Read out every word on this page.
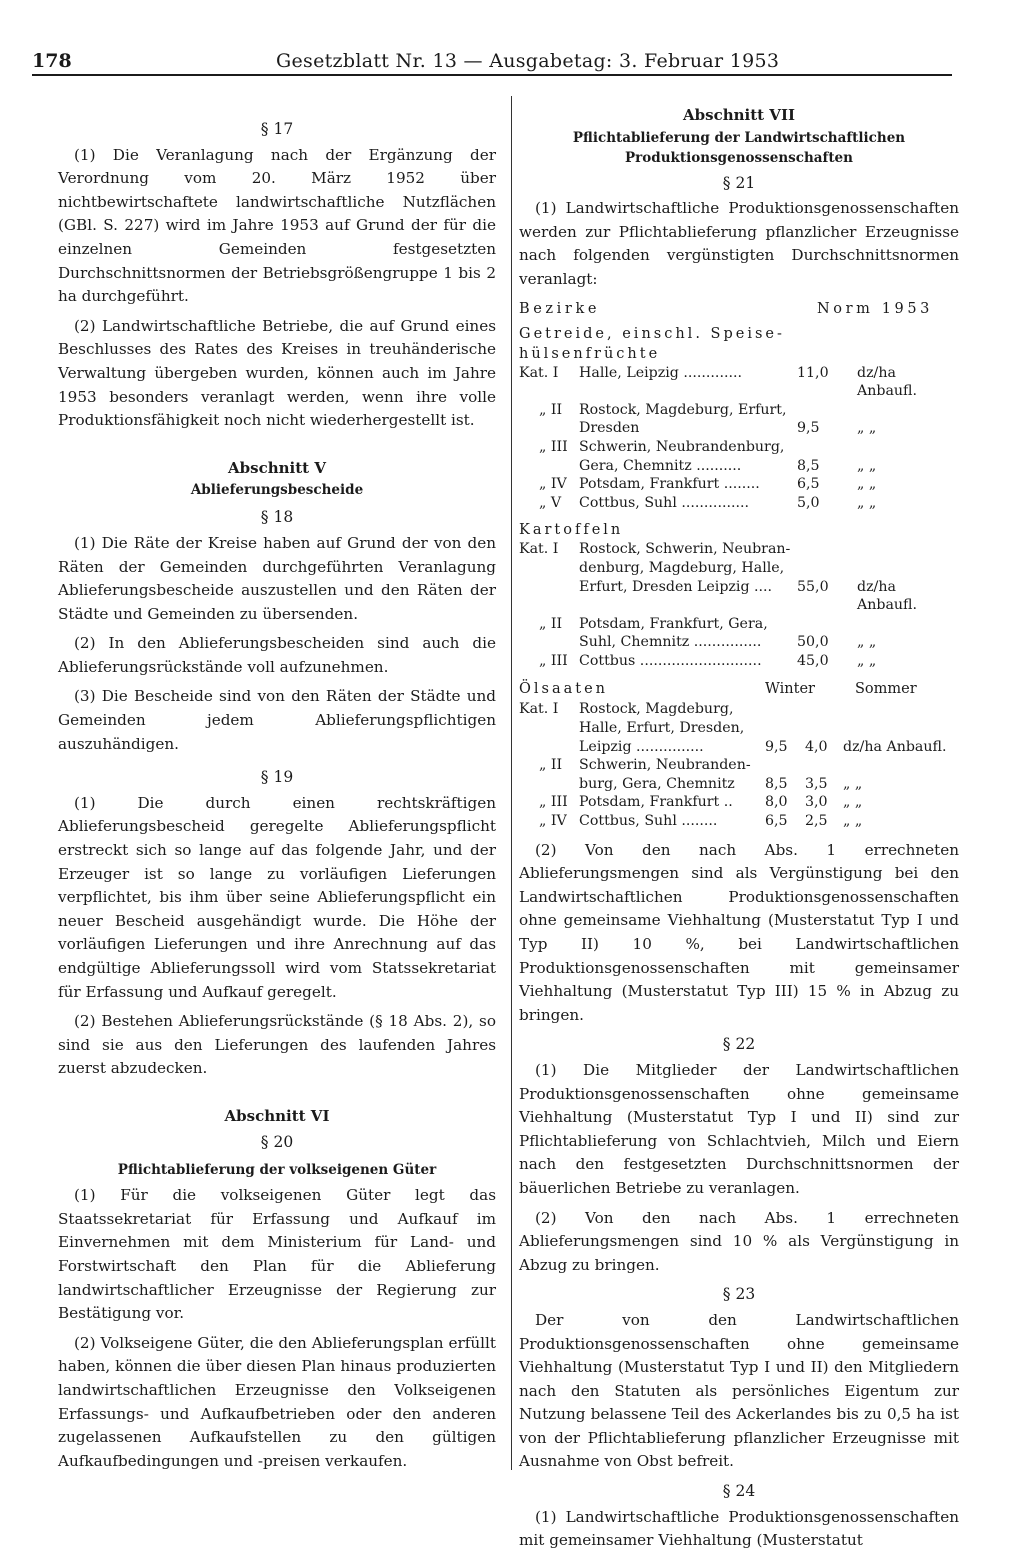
178	Gesetzblatt Nr. 13 — Ausgabetag: 3. Februar 1953
§ 17

(1) Die Veranlagung nach der Ergänzung der Verordnung vom 20. März 1952 über nichtbewirtschaftete landwirtschaftliche Nutzflächen (GBl. S. 227) wird im Jahre 1953 auf Grund der für die einzelnen Gemeinden festgesetzten Durchschnittsnormen der Betriebsgrößengruppe 1 bis 2 ha durchgeführt.

(2) Landwirtschaftliche Betriebe, die auf Grund eines Beschlusses des Rates des Kreises in treuhänderische Verwaltung übergeben wurden, können auch im Jahre 1953 besonders veranlagt werden, wenn ihre volle Produktionsfähigkeit noch nicht wiederhergestellt ist.

Abschnitt V
Ablieferungsbescheide
§ 18

(1) Die Räte der Kreise haben auf Grund der von den Räten der Gemeinden durchgeführten Veranlagung Ablieferungsbescheide auszustellen und den Räten der Städte und Gemeinden zu übersenden.

(2) In den Ablieferungsbescheiden sind auch die Ablieferungsrückstände voll aufzunehmen.

(3) Die Bescheide sind von den Räten der Städte und Gemeinden jedem Ablieferungspflichtigen auszuhändigen.

§ 19

(1) Die durch einen rechtskräftigen Ablieferungsbescheid geregelte Ablieferungspflicht erstreckt sich so lange auf das folgende Jahr, und der Erzeuger ist so lange zu vorläufigen Lieferungen verpflichtet, bis ihm über seine Ablieferungspflicht ein neuer Bescheid ausgehändigt wurde. Die Höhe der vorläufigen Lieferungen und ihre Anrechnung auf das endgültige Ablieferungssoll wird vom Statssekretariat für Erfassung und Aufkauf geregelt.

(2) Bestehen Ablieferungsrückstände (§ 18 Abs. 2), so sind sie aus den Lieferungen des laufenden Jahres zuerst abzudecken.

Abschnitt VI
§ 20
Pflichtablieferung der volkseigenen Güter

(1) Für die volkseigenen Güter legt das Staatssekretariat für Erfassung und Aufkauf im Einvernehmen mit dem Ministerium für Land- und Forstwirtschaft den Plan für die Ablieferung landwirtschaftlicher Erzeugnisse der Regierung zur Bestätigung vor.

(2) Volkseigene Güter, die den Ablieferungsplan erfüllt haben, können die über diesen Plan hinaus produzierten landwirtschaftlichen Erzeugnisse den Volkseigenen Erfassungs- und Aufkaufbetrieben oder den anderen zugelassenen Aufkaufstellen zu den gültigen Aufkaufbedingungen und -preisen verkaufen.

Abschnitt VII
Pflichtablieferung der Landwirtschaftlichen
Produktionsgenossenschaften
§ 21

(1) Landwirtschaftliche Produktionsgenossenschaften werden zur Pflichtablieferung pflanzlicher Erzeugnisse nach folgenden vergünstigten Durchschnittsnormen veranlagt:

Bezirke	Norm 1953
Getreide, einschl. Speise-
hülsenfrüchte
Kat. I	Halle, Leipzig .............	11,0	dz/ha Anbaufl.
„ II	Rostock, Magdeburg, Erfurt,
Dresden	9,5	„ „
„ III Schwerin, Neubrandenburg,
Gera, Chemnitz ..........	8,5	„ „
„ IV Potsdam, Frankfurt ........	6,5	„ „
„ V	Cottbus, Suhl ...............	5,0	„ „
Kartoffeln
Kat. I	Rostock, Schwerin, Neubran-
denburg, Magdeburg, Halle,
Erfurt, Dresden Leipzig ....	55,0	dz/ha Anbaufl.
„ II	Potsdam, Frankfurt, Gera,
Suhl, Chemnitz ...............	50,0	„ „
„ III Cottbus ...........................	45,0	„ „
Ölsaaten	Winter	Sommer
Kat. I	Rostock, Magdeburg,
Halle, Erfurt, Dresden,
Leipzig ...............	9,5	4,0	dz/ha Anbaufl.
„ II	Schwerin, Neubranden-
burg, Gera, Chemnitz	8,5	3,5	„ „
„ III Potsdam, Frankfurt ..	8,0	3,0	„ „
„ IV Cottbus, Suhl ........	6,5	2,5	„ „

(2) Von den nach Abs. 1 errechneten Ablieferungsmengen sind als Vergünstigung bei den Landwirtschaftlichen Produktionsgenossenschaften ohne gemeinsame Viehhaltung (Musterstatut Typ I und Typ II) 10 %, bei Landwirtschaftlichen Produktionsgenossenschaften mit gemeinsamer Viehhaltung (Musterstatut Typ III) 15 % in Abzug zu bringen.

§ 22

(1) Die Mitglieder der Landwirtschaftlichen Produktionsgenossenschaften ohne gemeinsame Viehhaltung (Musterstatut Typ I und II) sind zur Pflichtablieferung von Schlachtvieh, Milch und Eiern nach den festgesetzten Durchschnittsnormen der bäuerlichen Betriebe zu veranlagen.

(2) Von den nach Abs. 1 errechneten Ablieferungsmengen sind 10 % als Vergünstigung in Abzug zu bringen.

§ 23

Der von den Landwirtschaftlichen Produktionsgenossenschaften ohne gemeinsame Viehhaltung (Musterstatut Typ I und II) den Mitgliedern nach den Statuten als persönliches Eigentum zur Nutzung belassene Teil des Ackerlandes bis zu 0,5 ha ist von der Pflichtablieferung pflanzlicher Erzeugnisse mit Ausnahme von Obst befreit.

§ 24

(1) Landwirtschaftliche Produktionsgenossenschaften mit gemeinsamer Viehhaltung (Musterstatut
